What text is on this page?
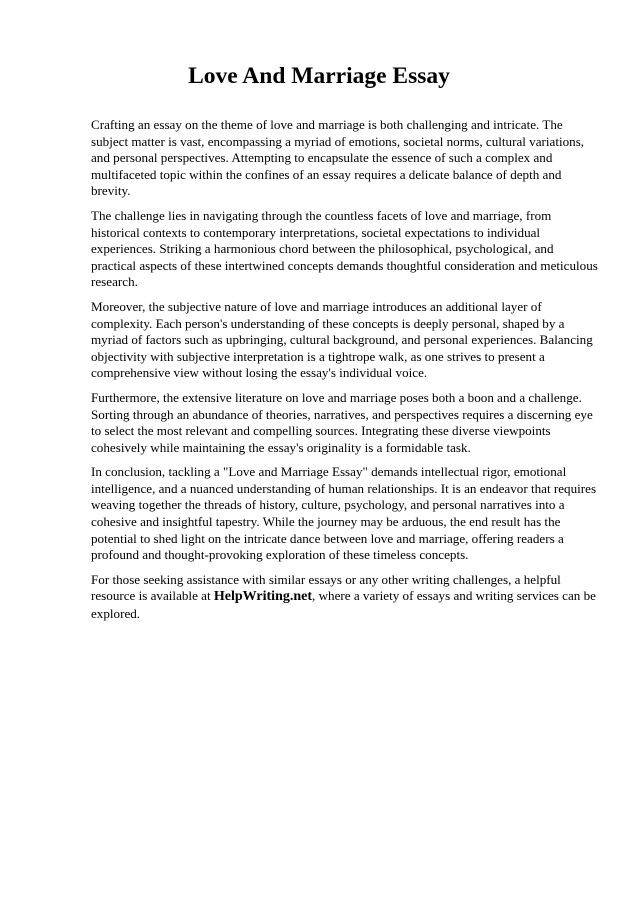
Love And Marriage Essay

Crafting an essay on the theme of love and marriage is both challenging and intricate. The subject matter is vast, encompassing a myriad of emotions, societal norms, cultural variations, and personal perspectives. Attempting to encapsulate the essence of such a complex and multifaceted topic within the confines of an essay requires a delicate balance of depth and brevity.

The challenge lies in navigating through the countless facets of love and marriage, from historical contexts to contemporary interpretations, societal expectations to individual experiences. Striking a harmonious chord between the philosophical, psychological, and practical aspects of these intertwined concepts demands thoughtful consideration and meticulous research.

Moreover, the subjective nature of love and marriage introduces an additional layer of complexity. Each person's understanding of these concepts is deeply personal, shaped by a myriad of factors such as upbringing, cultural background, and personal experiences. Balancing objectivity with subjective interpretation is a tightrope walk, as one strives to present a comprehensive view without losing the essay's individual voice.

Furthermore, the extensive literature on love and marriage poses both a boon and a challenge. Sorting through an abundance of theories, narratives, and perspectives requires a discerning eye to select the most relevant and compelling sources. Integrating these diverse viewpoints cohesively while maintaining the essay's originality is a formidable task.

In conclusion, tackling a "Love and Marriage Essay" demands intellectual rigor, emotional intelligence, and a nuanced understanding of human relationships. It is an endeavor that requires weaving together the threads of history, culture, psychology, and personal narratives into a cohesive and insightful tapestry. While the journey may be arduous, the end result has the potential to shed light on the intricate dance between love and marriage, offering readers a profound and thought-provoking exploration of these timeless concepts.

For those seeking assistance with similar essays or any other writing challenges, a helpful resource is available at HelpWriting.net, where a variety of essays and writing services can be explored.
